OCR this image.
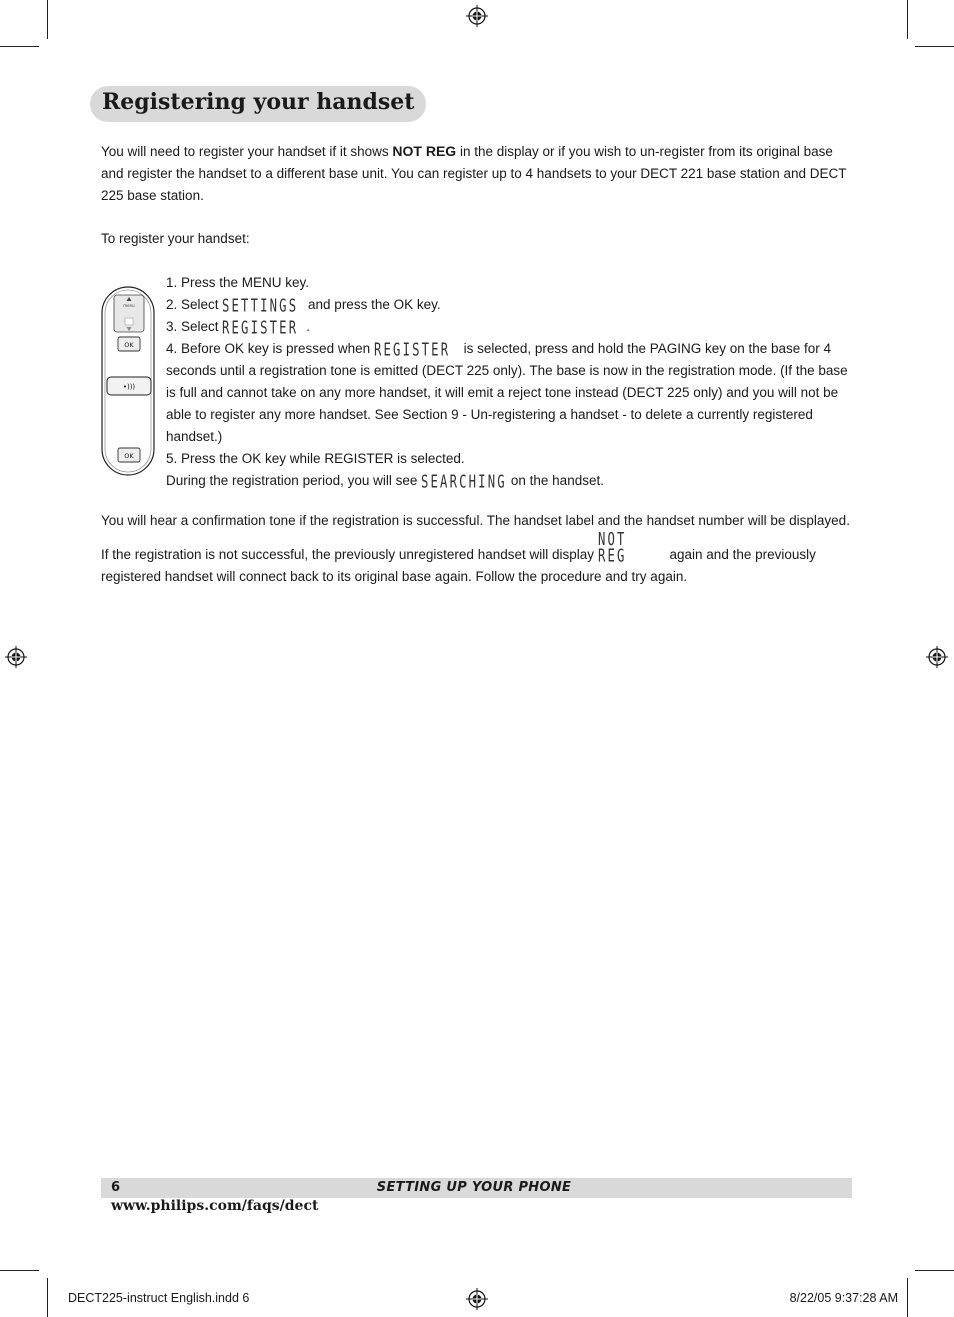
Registering your handset
You will need to register your handset if it shows NOT REG in the display or if you wish to un-register from its original base and register the handset to a different base unit. You can register up to 4 handsets to your DECT 221 base station and DECT 225 base station.
To register your handset:
menu
OK
•)))
OK
1. Press the MENU key.
2. Select SETTINGS and press the OK key.
3. Select REGISTER .
4. Before OK key is pressed when REGISTER is selected, press and hold the PAGING key on the base for 4 seconds until a registration tone is emitted (DECT 225 only). The base is now in the registration mode. (If the base is full and cannot take on any more handset, it will emit a reject tone instead (DECT 225 only) and you will not be able to register any more handset. See Section 9 - Un-registering a handset - to delete a currently registered handset.)
5. Press the OK key while REGISTER is selected.
During the registration period, you will see SEARCHING on the handset.
You will hear a confirmation tone if the registration is successful. The handset label and the handset number will be displayed. If the registration is not successful, the previously unregistered handset will display NOT REG	again and the previously registered handset will connect back to its original base again. Follow the procedure and try again.
6	SETTING UP YOUR PHONE
www.philips.com/faqs/dect
DECT225-instruct English.indd 6	8/22/05 9:37:28 AM
